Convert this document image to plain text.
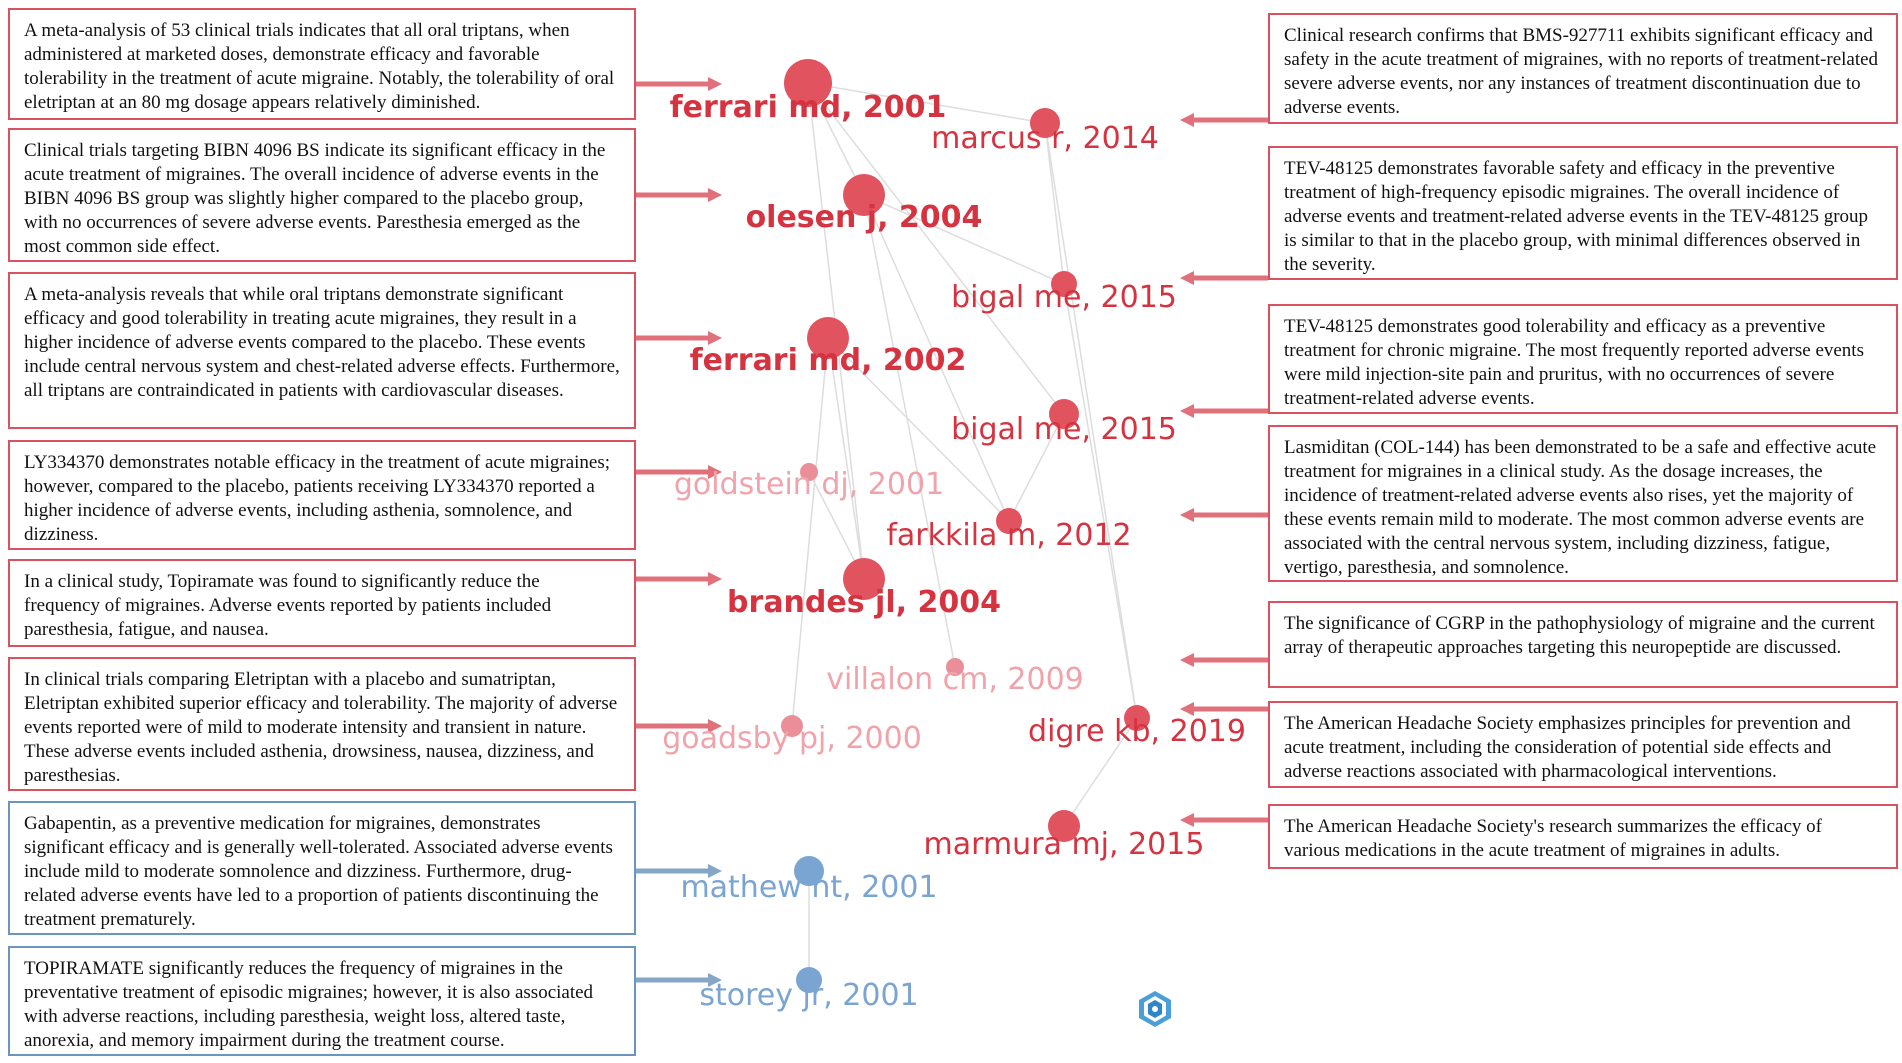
ferrari md, 2001
marcus r, 2014
olesen j, 2004
bigal me, 2015
ferrari md, 2002
bigal me, 2015
goldstein dj, 2001
farkkila m, 2012
brandes jl, 2004
villalon cm, 2009
goadsby pj, 2000	digre kb, 2019
marmura mj, 2015
mathew nt, 2001
storey jr, 2001
A meta-analysis of 53 clinical trials indicates that all oral triptans, when administered at marketed doses, demonstrate efficacy and favorable tolerability in the treatment of acute migraine. Notably, the tolerability of oral eletriptan at an 80 mg dosage appears relatively diminished.
Clinical trials targeting BIBN 4096 BS indicate its significant efficacy in the acute treatment of migraines. The overall incidence of adverse events in the BIBN 4096 BS group was slightly higher compared to the placebo group, with no occurrences of severe adverse events. Paresthesia emerged as the most common side effect.
A meta-analysis reveals that while oral triptans demonstrate significant efficacy and good tolerability in treating acute migraines, they result in a higher incidence of adverse events compared to the placebo. These events include central nervous system and chest-related adverse effects. Furthermore, all triptans are contraindicated in patients with cardiovascular diseases.
LY334370 demonstrates notable efficacy in the treatment of acute migraines; however, compared to the placebo, patients receiving LY334370 reported a higher incidence of adverse events, including asthenia, somnolence, and dizziness.
In a clinical study, Topiramate was found to significantly reduce the frequency of migraines. Adverse events reported by patients included paresthesia, fatigue, and nausea.
In clinical trials comparing Eletriptan with a placebo and sumatriptan, Eletriptan exhibited superior efficacy and tolerability. The majority of adverse events reported were of mild to moderate intensity and transient in nature. These adverse events included asthenia, drowsiness, nausea, dizziness, and paresthesias.
Gabapentin, as a preventive medication for migraines, demonstrates significant efficacy and is generally well-tolerated. Associated adverse events include mild to moderate somnolence and dizziness. Furthermore, drug-related adverse events have led to a proportion of patients discontinuing the treatment prematurely.
TOPIRAMATE significantly reduces the frequency of migraines in the preventative treatment of episodic migraines; however, it is also associated with adverse reactions, including paresthesia, weight loss, altered taste, anorexia, and memory impairment during the treatment course.
Clinical research confirms that BMS-927711 exhibits significant efficacy and safety in the acute treatment of migraines, with no reports of treatment-related severe adverse events, nor any instances of treatment discontinuation due to adverse events.
TEV-48125 demonstrates favorable safety and efficacy in the preventive treatment of high-frequency episodic migraines. The overall incidence of adverse events and treatment-related adverse events in the TEV-48125 group is similar to that in the placebo group, with minimal differences observed in the severity.
TEV-48125 demonstrates good tolerability and efficacy as a preventive treatment for chronic migraine. The most frequently reported adverse events were mild injection-site pain and pruritus, with no occurrences of severe treatment-related adverse events.
Lasmiditan (COL-144) has been demonstrated to be a safe and effective acute treatment for migraines in a clinical study. As the dosage increases, the incidence of treatment-related adverse events also rises, yet the majority of these events remain mild to moderate. The most common adverse events are associated with the central nervous system, including dizziness, fatigue, vertigo, paresthesia, and somnolence.
The significance of CGRP in the pathophysiology of migraine and the current array of therapeutic approaches targeting this neuropeptide are discussed.
The American Headache Society emphasizes principles for prevention and acute treatment, including the consideration of potential side effects and adverse reactions associated with pharmacological interventions.
The American Headache Society's research summarizes the efficacy of various medications in the acute treatment of migraines in adults.
